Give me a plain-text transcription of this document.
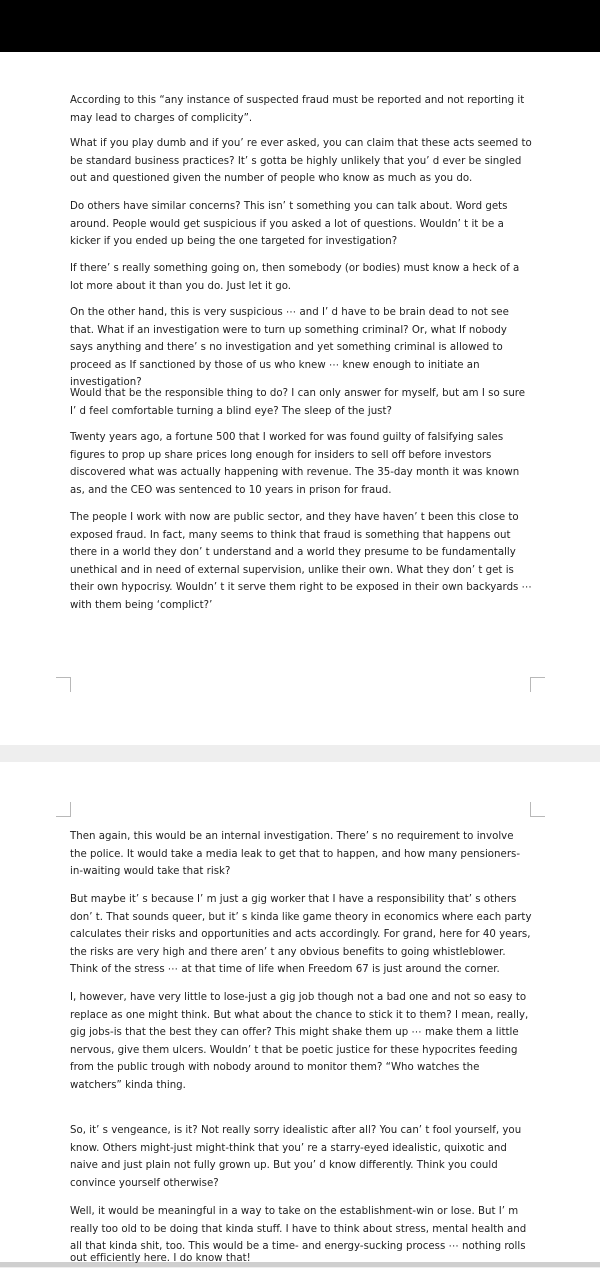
According to this “any instance of suspected fraud must be reported and not reporting it may lead to charges of complicity”.

What if you play dumb and if you’ re ever asked, you can claim that these acts seemed to be standard business practices? It’ s gotta be highly unlikely that you’ d ever be singled out and questioned given the number of people who know as much as you do.

Do others have similar concerns? This isn’ t something you can talk about. Word gets around. People would get suspicious if you asked a lot of questions. Wouldn’ t it be a kicker if you ended up being the one targeted for investigation?

If there’ s really something going on, then somebody (or bodies) must know a heck of a lot more about it than you do. Just let it go.

On the other hand, this is very suspicious ⋯ and I’ d have to be brain dead to not see that. What if an investigation were to turn up something criminal? Or, what If nobody says anything and there’ s no investigation and yet something criminal is allowed to proceed as If sanctioned by those of us who knew ⋯ knew enough to initiate an investigation?

Would that be the responsible thing to do? I can only answer for myself, but am I so sure I’ d feel comfortable turning a blind eye? The sleep of the just?

Twenty years ago, a fortune 500 that I worked for was found guilty of falsifying sales figures to prop up share prices long enough for insiders to sell off before investors discovered what was actually happening with revenue. The 35-day month it was known as, and the CEO was sentenced to 10 years in prison for fraud.

The people I work with now are public sector, and they have haven’ t been this close to exposed fraud. In fact, many seems to think that fraud is something that happens out there in a world they don’ t understand and a world they presume to be fundamentally unethical and in need of external supervision, unlike their own. What they don’ t get is their own hypocrisy. Wouldn’ t it serve them right to be exposed in their own backyards ⋯ with them being ‘complict?’

Then again, this would be an internal investigation. There’ s no requirement to involve the police. It would take a media leak to get that to happen, and how many pensioners-in-waiting would take that risk?

But maybe it’ s because I’ m just a gig worker that I have a responsibility that’ s others don’ t. That sounds queer, but it’ s kinda like game theory in economics where each party calculates their risks and opportunities and acts accordingly. For grand, here for 40 years, the risks are very high and there aren’ t any obvious benefits to going whistleblower. Think of the stress ⋯ at that time of life when Freedom 67 is just around the corner.

I, however, have very little to lose-just a gig job though not a bad one and not so easy to replace as one might think. But what about the chance to stick it to them? I mean, really, gig jobs-is that the best they can offer? This might shake them up ⋯ make them a little nervous, give them ulcers. Wouldn’ t that be poetic justice for these hypocrites feeding from the public trough with nobody around to monitor them? “Who watches the watchers” kinda thing.

So, it’ s vengeance, is it? Not really sorry idealistic after all? You can’ t fool yourself, you know. Others might-just might-think that you’ re a starry-eyed idealistic, quixotic and naive and just plain not fully grown up. But you’ d know differently. Think you could convince yourself otherwise?

Well, it would be meaningful in a way to take on the establishment-win or lose. But I’ m really too old to be doing that kinda stuff. I have to think about stress, mental health and all that kinda shit, too. This would be a time- and energy-sucking process ⋯ nothing rolls

out efficiently here. I do know that!
